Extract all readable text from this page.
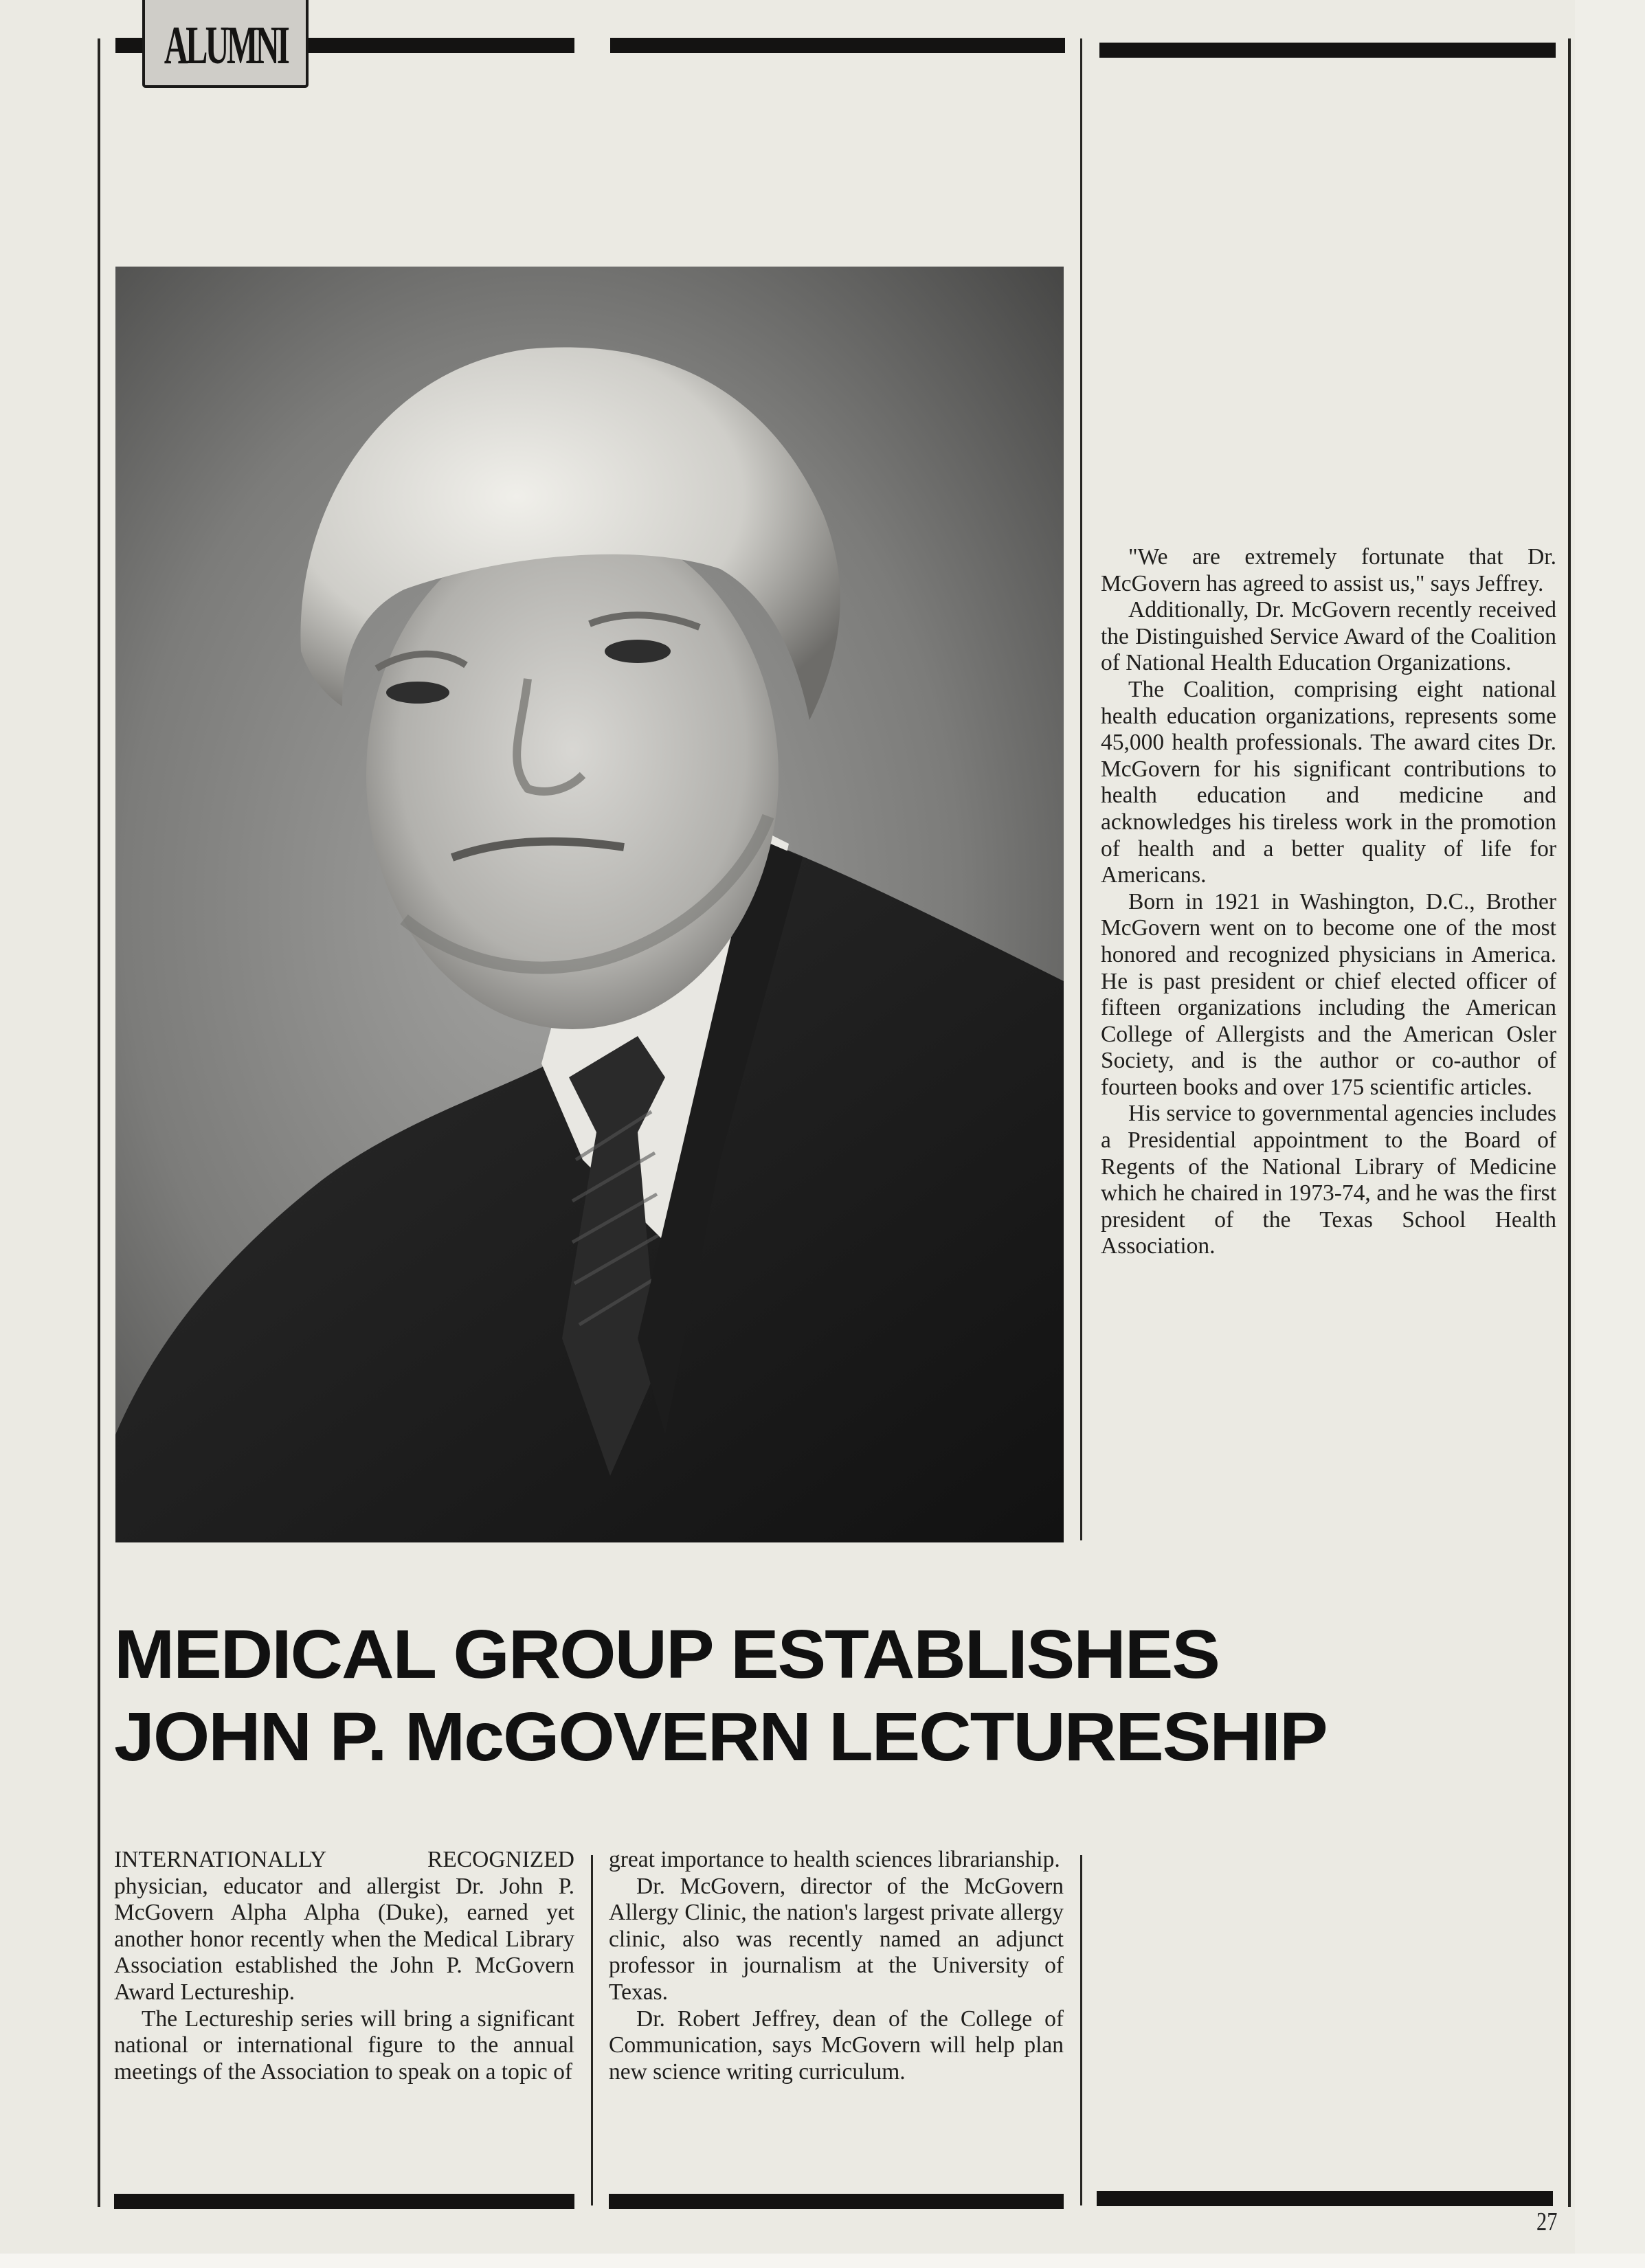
ALUMNI

"We are extremely fortunate that Dr. McGovern has agreed to assist us," says Jeffrey.

Additionally, Dr. McGovern recently received the Distinguished Service Award of the Coalition of National Health Education Organizations.

The Coalition, comprising eight national health education organizations, represents some 45,000 health professionals. The award cites Dr. McGovern for his significant contributions to health education and medicine and acknowledges his tireless work in the promotion of health and a better quality of life for Americans.

Born in 1921 in Washington, D.C., Brother McGovern went on to become one of the most honored and recognized physicians in America. He is past president or chief elected officer of fifteen organizations including the American College of Allergists and the American Osler Society, and is the author or co-author of fourteen books and over 175 scientific articles.

His service to governmental agencies includes a Presidential appointment to the Board of Regents of the National Library of Medicine which he chaired in 1973-74, and he was the first president of the Texas School Health Association.

MEDICAL GROUP ESTABLISHES
JOHN P. McGOVERN LECTURESHIP

INTERNATIONALLY RECOGNIZED physician, educator and allergist Dr. John P. McGovern Alpha Alpha (Duke), earned yet another honor recently when the Medical Library Association established the John P. McGovern Award Lectureship.

The Lectureship series will bring a significant national or international figure to the annual meetings of the Association to speak on a topic of

great importance to health sciences librarianship.

Dr. McGovern, director of the McGovern Allergy Clinic, the nation's largest private allergy clinic, also was recently named an adjunct professor in journalism at the University of Texas.

Dr. Robert Jeffrey, dean of the College of Communication, says McGovern will help plan new science writing curriculum.

27
